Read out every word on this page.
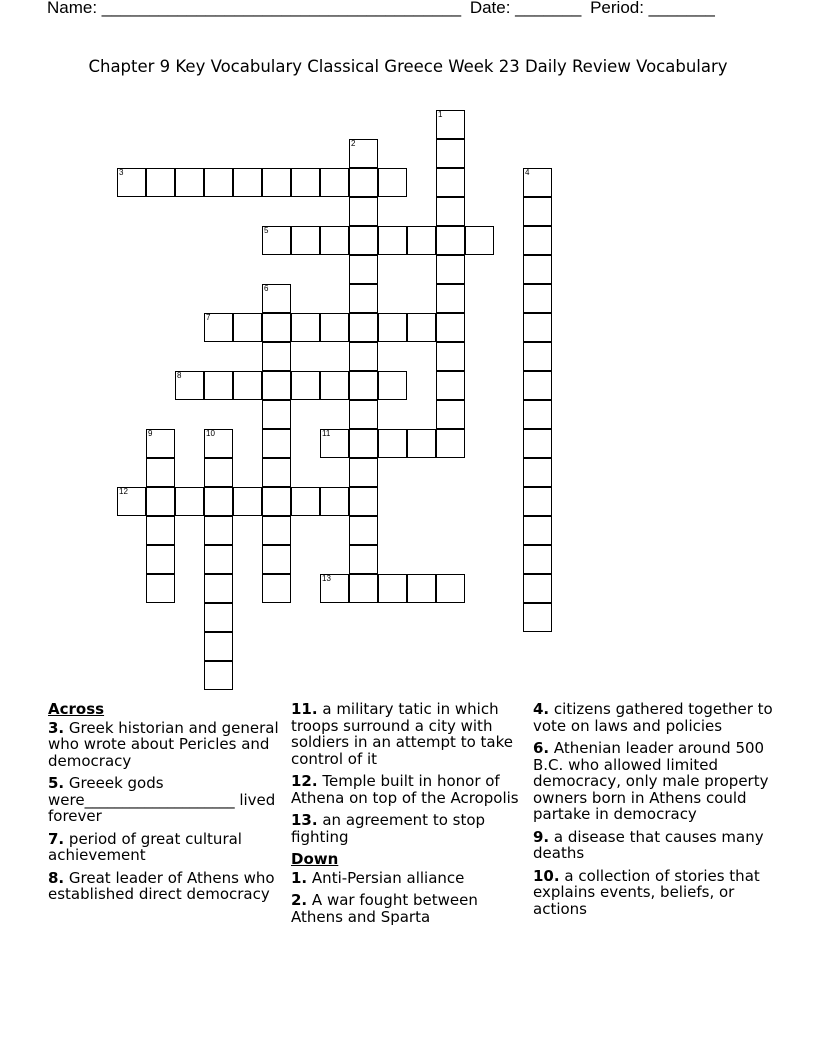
Name: ______________________________________ Date: _______ Period: _______
Chapter 9 Key Vocabulary Classical Greece Week 23 Daily Review Vocabulary
1
2
3	4
5
6
7
8
9	10	11
12
13
Across
3. Greek historian and general who wrote about Pericles and democracy
5. Greeek gods were____________________ lived forever
7. period of great cultural achievement
8. Great leader of Athens who established direct democracy
11. a military tatic in which troops surround a city with soldiers in an attempt to take control of it
12. Temple built in honor of Athena on top of the Acropolis
13. an agreement to stop fighting
Down
1. Anti-Persian alliance
2. A war fought between Athens and Sparta
4. citizens gathered together to vote on laws and policies
6. Athenian leader around 500 B.C. who allowed limited democracy, only male property owners born in Athens could partake in democracy
9. a disease that causes many deaths
10. a collection of stories that explains events, beliefs, or actions
